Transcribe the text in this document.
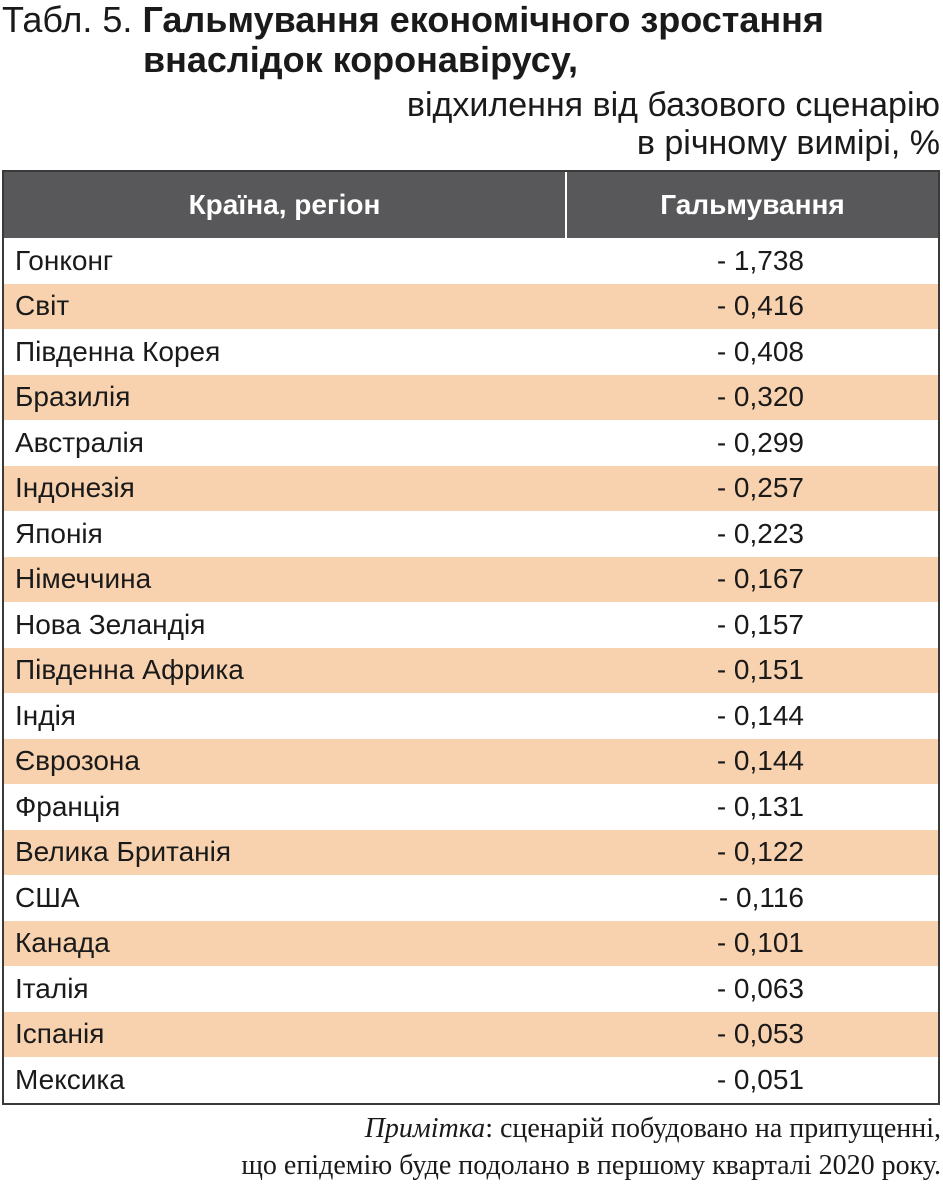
Табл. 5. Гальмування економічного зростання
внаслідок коронавірусу,
відхилення від базового сценарію
в річному вимірі, %
Країна, регіон	Гальмування
Гонконг	- 1,738
Світ	- 0,416
Південна Корея	- 0,408
Бразилія	- 0,320
Австралія	- 0,299
Індонезія	- 0,257
Японія	- 0,223
Німеччина	- 0,167
Нова Зеландія	- 0,157
Південна Африка	- 0,151
Індія	- 0,144
Єврозона	- 0,144
Франція	- 0,131
Велика Британія	- 0,122
США	- 0,116
Канада	- 0,101
Італія	- 0,063
Іспанія	- 0,053
Мексика	- 0,051
Примітка: сценарій побудовано на припущенні,
що епідемію буде подолано в першому кварталі 2020 року.
